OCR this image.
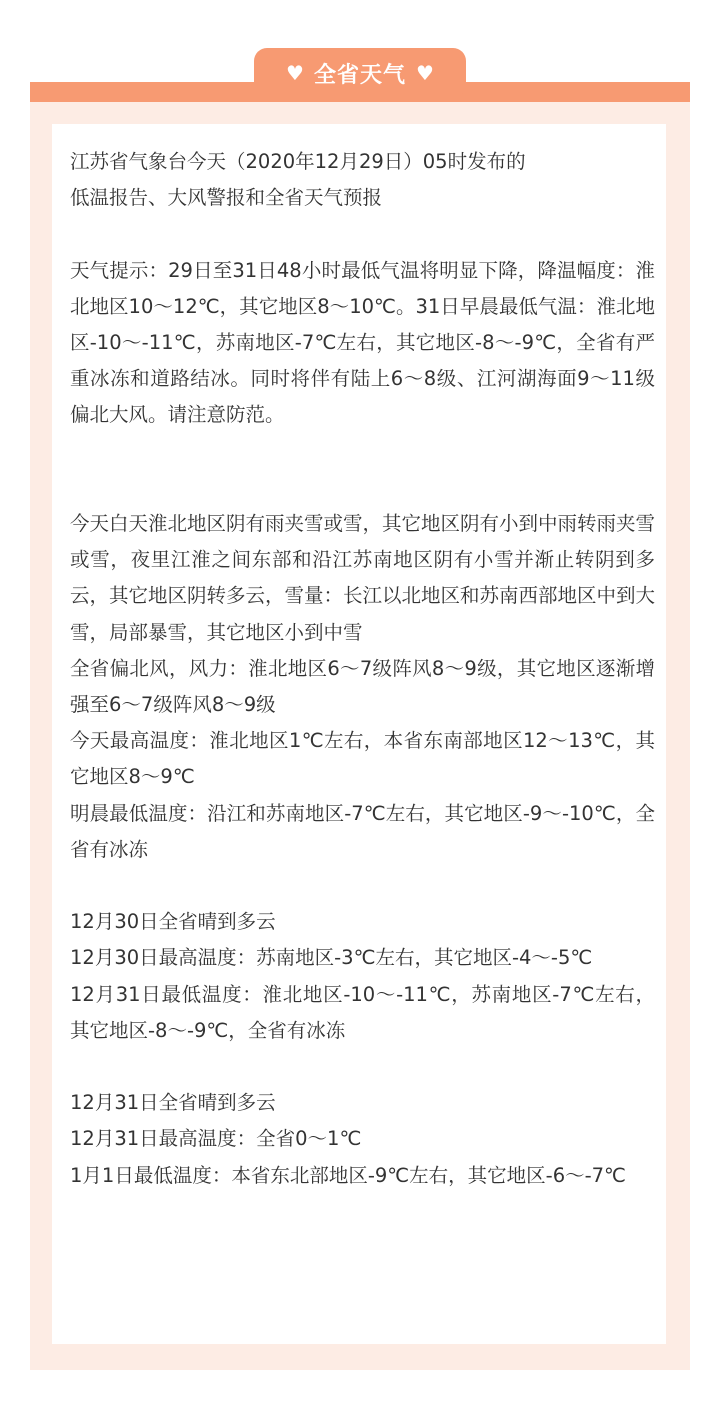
♥ 全省天气 ♥
江苏省气象台今天（2020年12月29日）05时发布的
低温报告、大风警报和全省天气预报
天气提示：29日至31日48小时最低气温将明显下降，降温幅度：淮北地区10～12℃，其它地区8～10℃。31日早晨最低气温：淮北地区-10～-11℃，苏南地区-7℃左右，其它地区-8～-9℃，全省有严重冰冻和道路结冰。同时将伴有陆上6～8级、江河湖海面9～11级偏北大风。请注意防范。
今天白天淮北地区阴有雨夹雪或雪，其它地区阴有小到中雨转雨夹雪或雪，夜里江淮之间东部和沿江苏南地区阴有小雪并渐止转阴到多云，其它地区阴转多云，雪量：长江以北地区和苏南西部地区中到大雪，局部暴雪，其它地区小到中雪
全省偏北风，风力：淮北地区6～7级阵风8～9级，其它地区逐渐增强至6～7级阵风8～9级
今天最高温度：淮北地区1℃左右，本省东南部地区12～13℃，其它地区8～9℃
明晨最低温度：沿江和苏南地区-7℃左右，其它地区-9～-10℃，全省有冰冻
12月30日全省晴到多云
12月30日最高温度：苏南地区-3℃左右，其它地区-4～-5℃
12月31日最低温度：淮北地区-10～-11℃，苏南地区-7℃左右，其它地区-8～-9℃，全省有冰冻
12月31日全省晴到多云
12月31日最高温度：全省0～1℃
1月1日最低温度：本省东北部地区-9℃左右，其它地区-6～-7℃
